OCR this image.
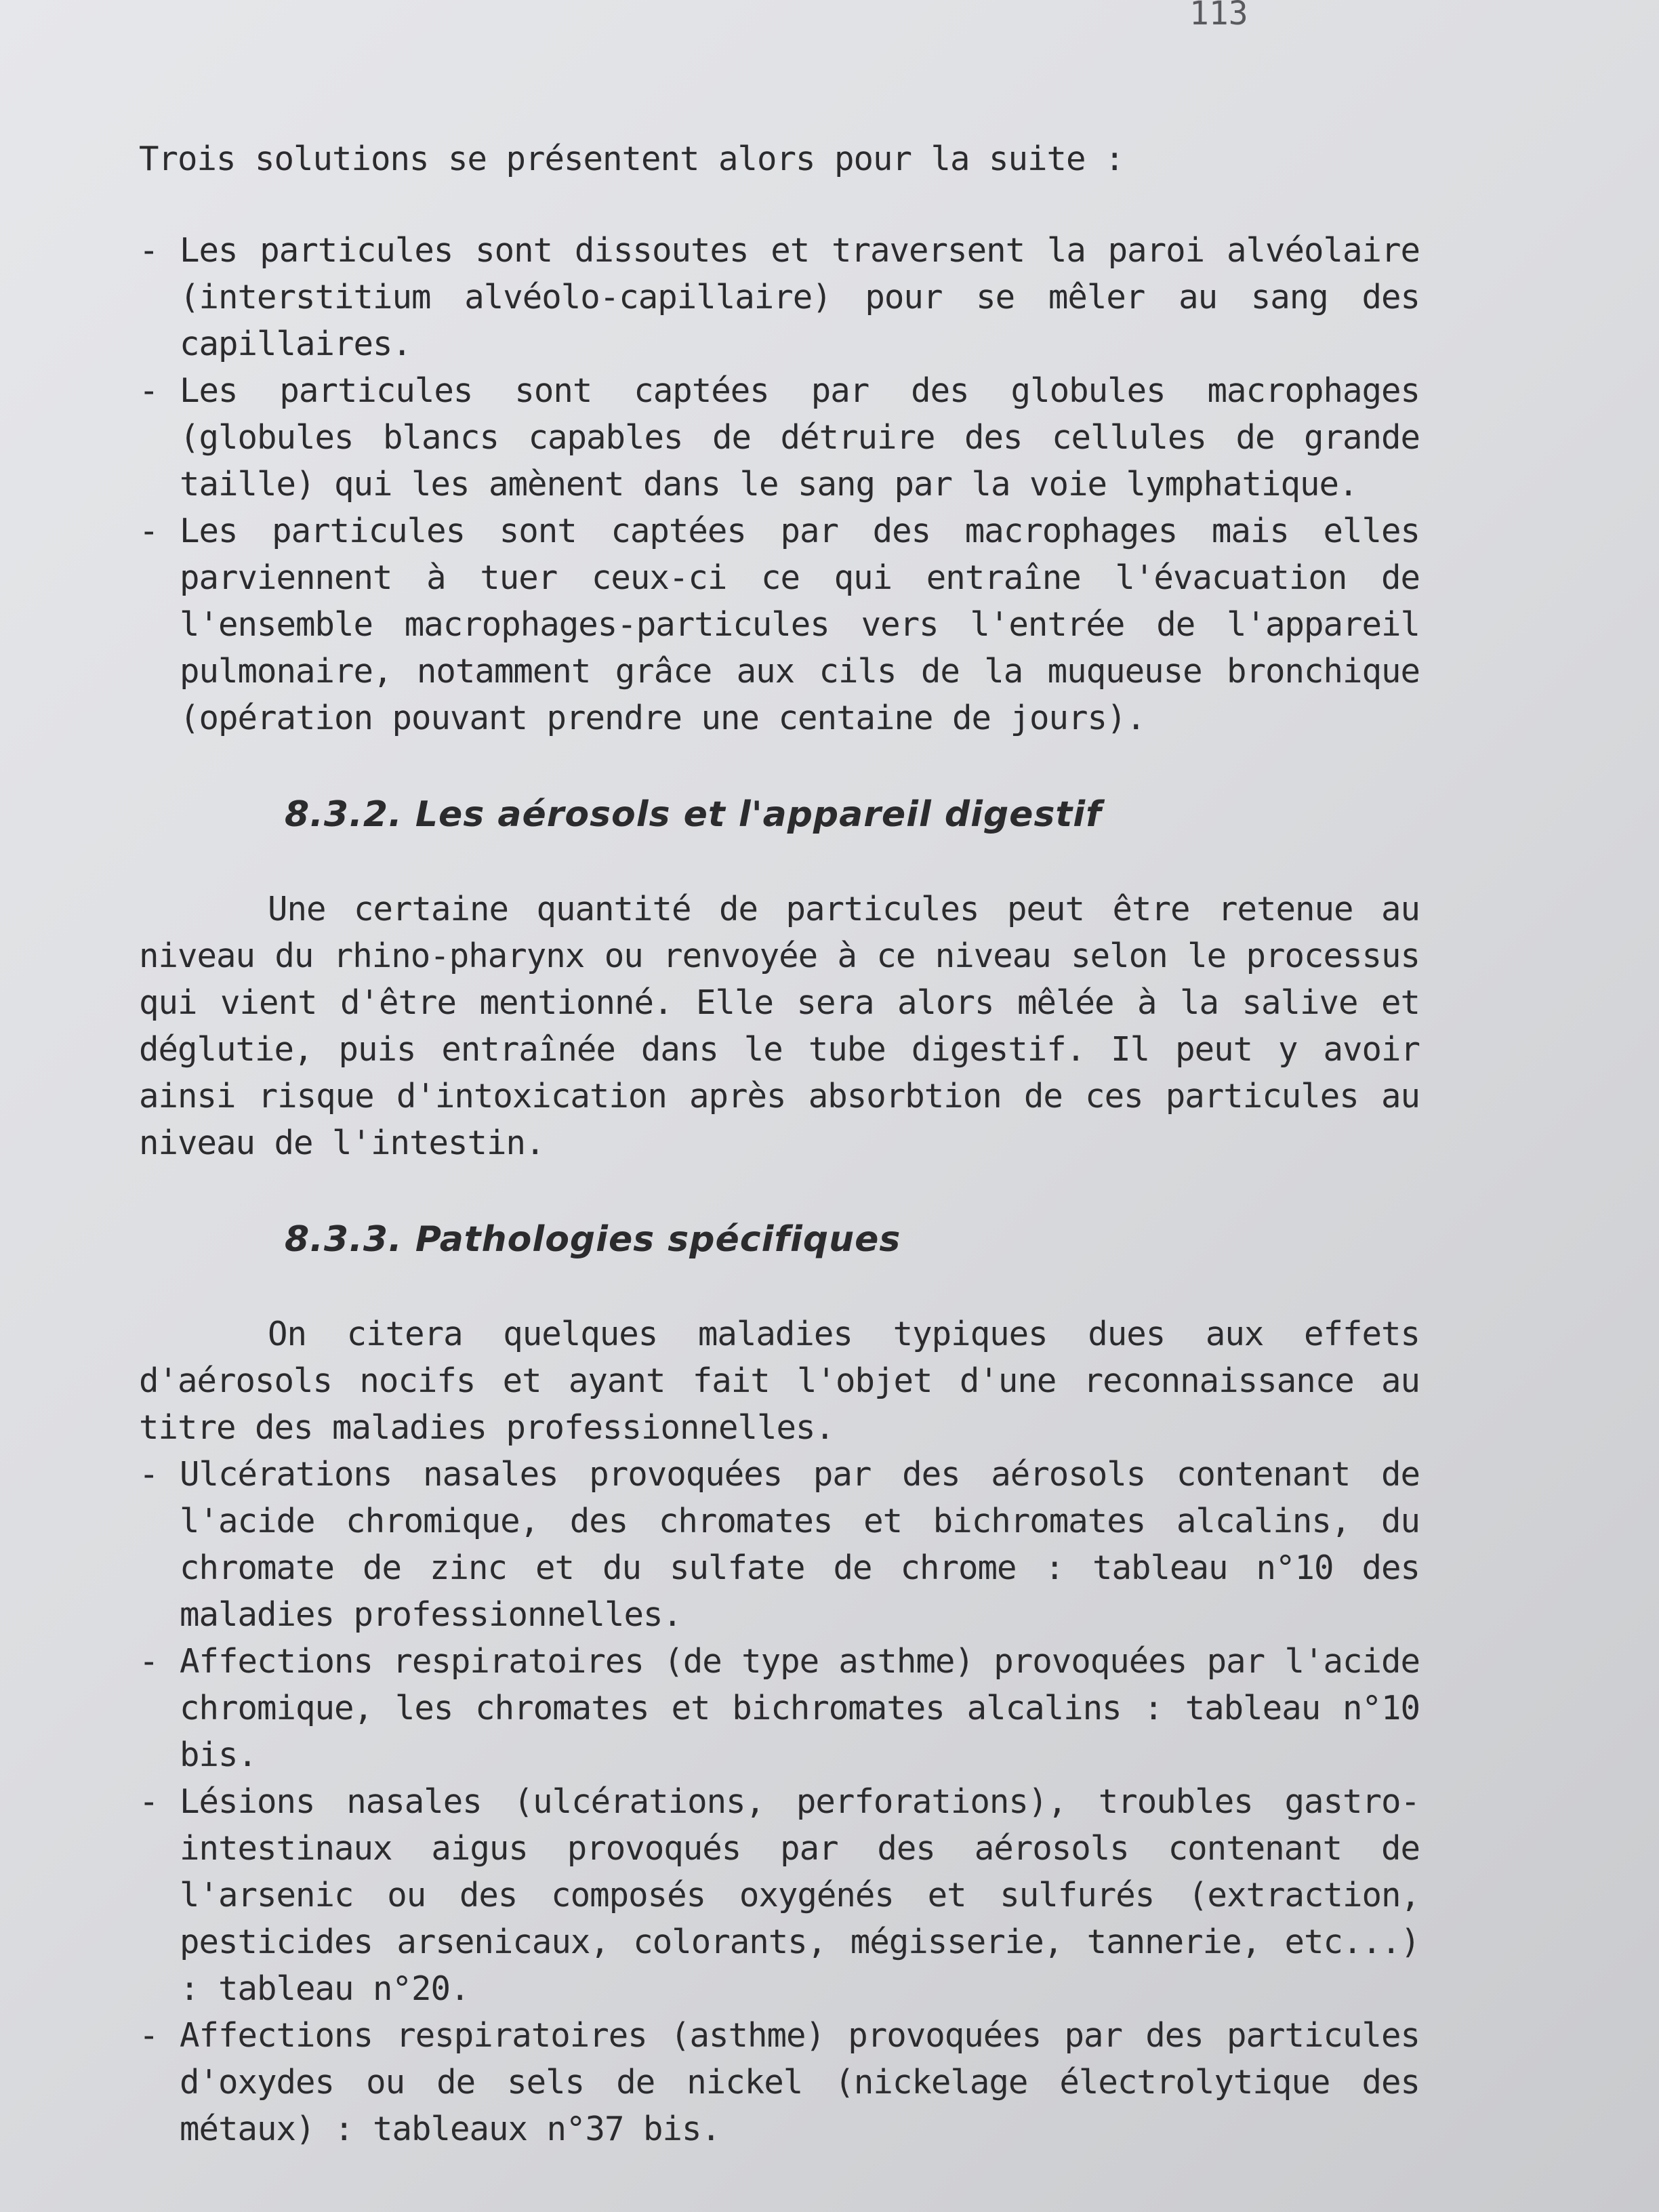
113

Trois solutions se présentent alors pour la suite :

- Les particules sont dissoutes et traversent la paroi alvéolaire (interstitium alvéolo-capillaire) pour se mêler au sang des capillaires.
- Les particules sont captées par des globules macrophages (globules blancs capables de détruire des cellules de grande taille) qui les amènent dans le sang par la voie lymphatique.
- Les particules sont captées par des macrophages mais elles parviennent à tuer ceux-ci ce qui entraîne l'évacuation de l'ensemble macrophages-particules vers l'entrée de l'appareil pulmonaire, notamment grâce aux cils de la muqueuse bronchique (opération pouvant prendre une centaine de jours).
8.3.2. Les aérosols et l'appareil digestif

Une certaine quantité de particules peut être retenue au niveau du rhino-pharynx ou renvoyée à ce niveau selon le processus qui vient d'être mentionné. Elle sera alors mêlée à la salive et déglutie, puis entraînée dans le tube digestif. Il peut y avoir ainsi risque d'intoxication après absorbtion de ces particules au niveau de l'intestin.

8.3.3. Pathologies spécifiques

On citera quelques maladies typiques dues aux effets d'aérosols nocifs et ayant fait l'objet d'une reconnaissance au titre des maladies professionnelles.

- Ulcérations nasales provoquées par des aérosols contenant de l'acide chromique, des chromates et bichromates alcalins, du chromate de zinc et du sulfate de chrome : tableau n°10 des maladies professionnelles.
- Affections respiratoires (de type asthme) provoquées par l'acide chromique, les chromates et bichromates alcalins : tableau n°10 bis.
- Lésions nasales (ulcérations, perforations), troubles gastro-intestinaux aigus provoqués par des aérosols contenant de l'arsenic ou des composés oxygénés et sulfurés (extraction, pesticides arsenicaux, colorants, mégisserie, tannerie, etc...) : tableau n°20.
- Affections respiratoires (asthme) provoquées par des particules d'oxydes ou de sels de nickel (nickelage électrolytique des métaux) : tableaux n°37 bis.
